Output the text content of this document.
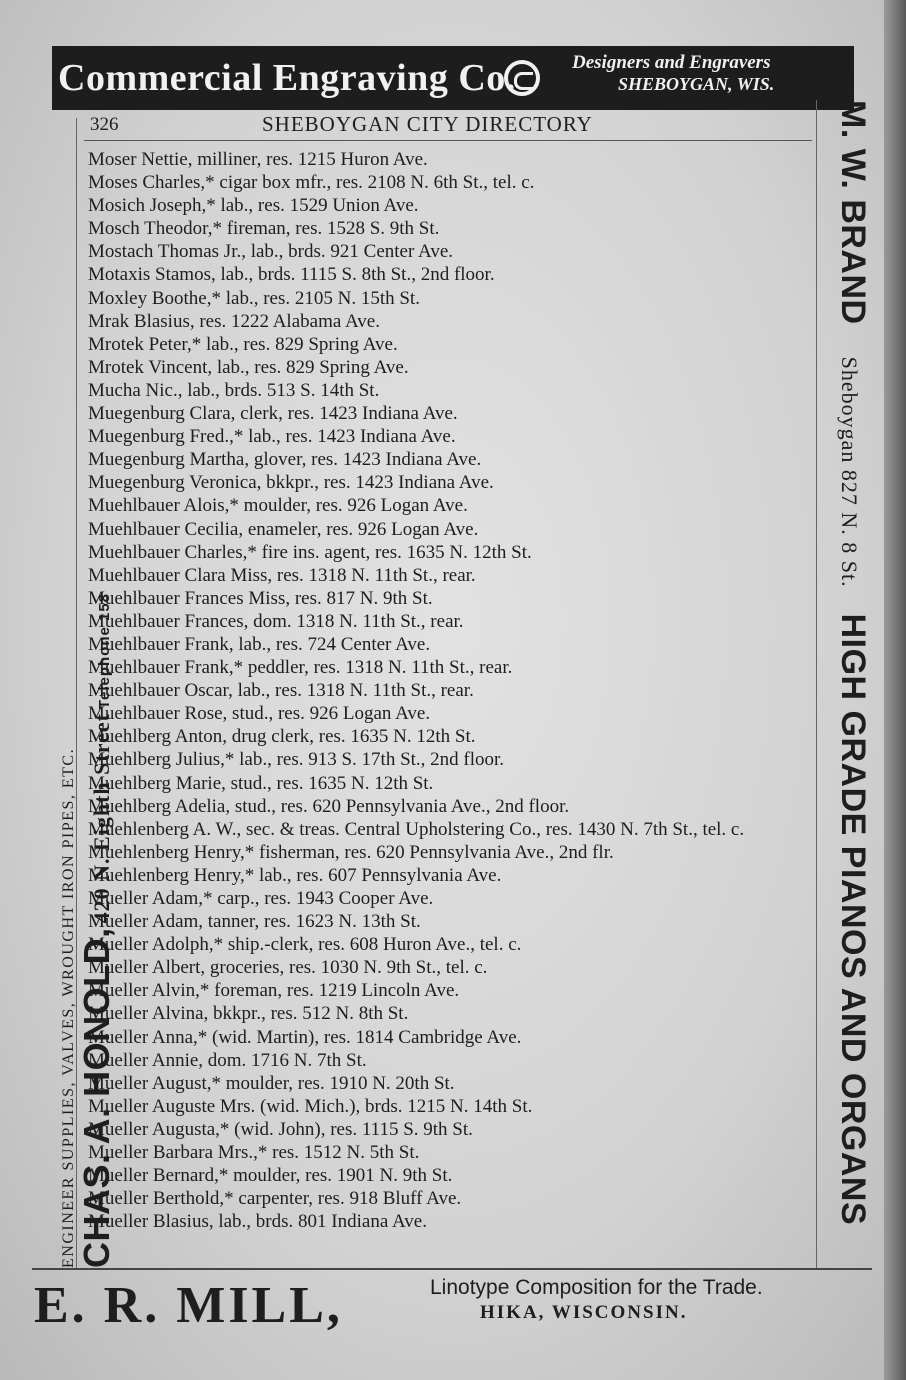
Commercial Engraving Co.	Designers and Engravers
SHEBOYGAN, WIS.
326	SHEBOYGAN CITY DIRECTORY
ENGINEER SUPPLIES, VALVES, WROUGHT IRON PIPES, ETC. CHAS. A. HONOLD, 420 N. Eighth Street Telephone 158
M. W. BRAND Sheboygan 827 N. 8 St. HIGH GRADE PIANOS AND ORGANS
Moser Nettie, milliner, res. 1215 Huron Ave.
Moses Charles,* cigar box mfr., res. 2108 N. 6th St., tel. c.
Mosich Joseph,* lab., res. 1529 Union Ave.
Mosch Theodor,* fireman, res. 1528 S. 9th St.
Mostach Thomas Jr., lab., brds. 921 Center Ave.
Motaxis Stamos, lab., brds. 1115 S. 8th St., 2nd floor.
Moxley Boothe,* lab., res. 2105 N. 15th St.
Mrak Blasius, res. 1222 Alabama Ave.
Mrotek Peter,* lab., res. 829 Spring Ave.
Mrotek Vincent, lab., res. 829 Spring Ave.
Mucha Nic., lab., brds. 513 S. 14th St.
Muegenburg Clara, clerk, res. 1423 Indiana Ave.
Muegenburg Fred.,* lab., res. 1423 Indiana Ave.
Muegenburg Martha, glover, res. 1423 Indiana Ave.
Muegenburg Veronica, bkkpr., res. 1423 Indiana Ave.
Muehlbauer Alois,* moulder, res. 926 Logan Ave.
Muehlbauer Cecilia, enameler, res. 926 Logan Ave.
Muehlbauer Charles,* fire ins. agent, res. 1635 N. 12th St.
Muehlbauer Clara Miss, res. 1318 N. 11th St., rear.
Muehlbauer Frances Miss, res. 817 N. 9th St.
Muehlbauer Frances, dom. 1318 N. 11th St., rear.
Muehlbauer Frank, lab., res. 724 Center Ave.
Muehlbauer Frank,* peddler, res. 1318 N. 11th St., rear.
Muehlbauer Oscar, lab., res. 1318 N. 11th St., rear.
Muehlbauer Rose, stud., res. 926 Logan Ave.
Muehlberg Anton, drug clerk, res. 1635 N. 12th St.
Muehlberg Julius,* lab., res. 913 S. 17th St., 2nd floor.
Muehlberg Marie, stud., res. 1635 N. 12th St.
Muehlberg Adelia, stud., res. 620 Pennsylvania Ave., 2nd floor.
Muehlenberg A. W., sec. & treas. Central Upholstering Co., res. 1430 N. 7th St., tel. c.
Muehlenberg Henry,* fisherman, res. 620 Pennsylvania Ave., 2nd flr.
Muehlenberg Henry,* lab., res. 607 Pennsylvania Ave.
Mueller Adam,* carp., res. 1943 Cooper Ave.
Mueller Adam, tanner, res. 1623 N. 13th St.
Mueller Adolph,* ship.-clerk, res. 608 Huron Ave., tel. c.
Mueller Albert, groceries, res. 1030 N. 9th St., tel. c.
Mueller Alvin,* foreman, res. 1219 Lincoln Ave.
Mueller Alvina, bkkpr., res. 512 N. 8th St.
Mueller Anna,* (wid. Martin), res. 1814 Cambridge Ave.
Mueller Annie, dom. 1716 N. 7th St.
Mueller August,* moulder, res. 1910 N. 20th St.
Mueller Auguste Mrs. (wid. Mich.), brds. 1215 N. 14th St.
Mueller Augusta,* (wid. John), res. 1115 S. 9th St.
Mueller Barbara Mrs.,* res. 1512 N. 5th St.
Mueller Bernard,* moulder, res. 1901 N. 9th St.
Mueller Berthold,* carpenter, res. 918 Bluff Ave.
Mueller Blasius, lab., brds. 801 Indiana Ave.
E. R. MILL,	Linotype Composition for the Trade.
HIKA, WISCONSIN.
